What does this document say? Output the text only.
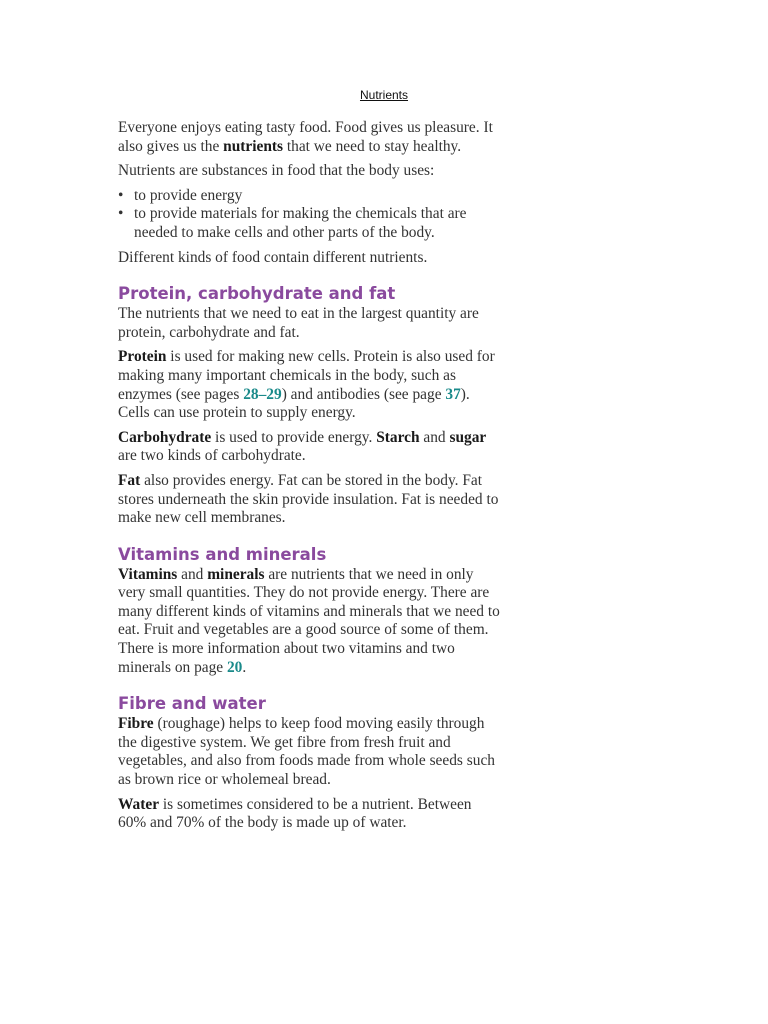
Nutrients

Everyone enjoys eating tasty food. Food gives us pleasure. It also gives us the nutrients that we need to stay healthy.

Nutrients are substances in food that the body uses:

• to provide energy
• to provide materials for making the chemicals that are needed to make cells and other parts of the body.

Different kinds of food contain different nutrients.

Protein, carbohydrate and fat

The nutrients that we need to eat in the largest quantity are protein, carbohydrate and fat.

Protein is used for making new cells. Protein is also used for making many important chemicals in the body, such as enzymes (see pages 28–29) and antibodies (see page 37). Cells can use protein to supply energy.

Carbohydrate is used to provide energy. Starch and sugar are two kinds of carbohydrate.

Fat also provides energy. Fat can be stored in the body. Fat stores underneath the skin provide insulation. Fat is needed to make new cell membranes.

Vitamins and minerals

Vitamins and minerals are nutrients that we need in only very small quantities. They do not provide energy. There are many different kinds of vitamins and minerals that we need to eat. Fruit and vegetables are a good source of some of them. There is more information about two vitamins and two minerals on page 20.

Fibre and water

Fibre (roughage) helps to keep food moving easily through the digestive system. We get fibre from fresh fruit and vegetables, and also from foods made from whole seeds such as brown rice or wholemeal bread.

Water is sometimes considered to be a nutrient. Between 60% and 70% of the body is made up of water.
